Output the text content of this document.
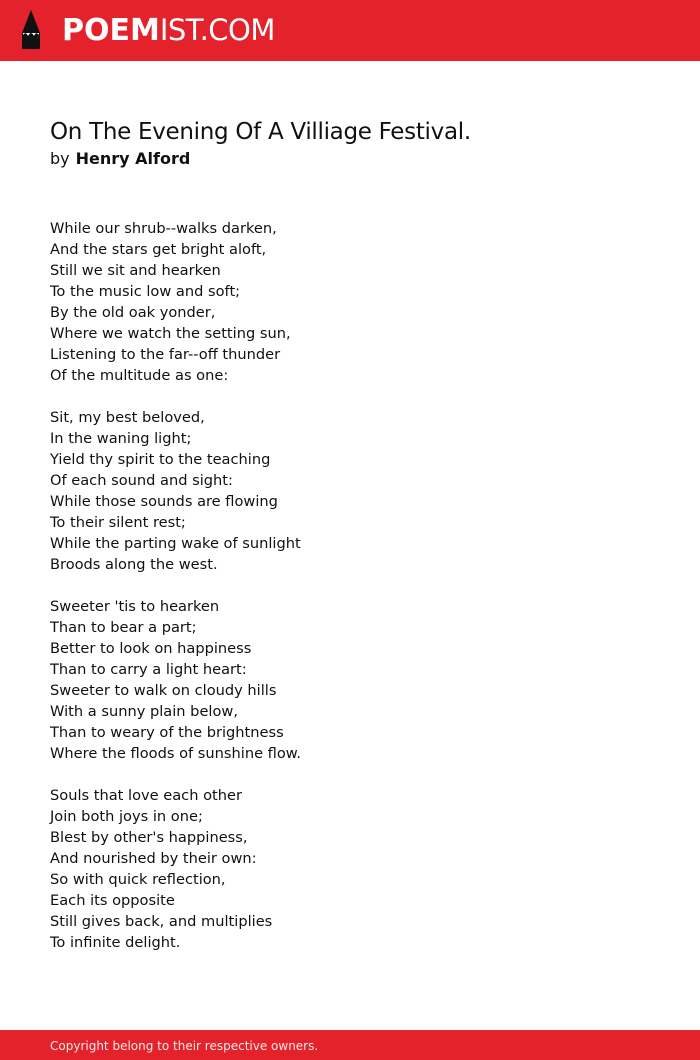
POEMIST.COM
On The Evening Of A Villiage Festival.
by Henry Alford
While our shrub--walks darken,
And the stars get bright aloft,
Still we sit and hearken
To the music low and soft;
By the old oak yonder,
Where we watch the setting sun,
Listening to the far--off thunder
Of the multitude as one:
Sit, my best beloved,
In the waning light;
Yield thy spirit to the teaching
Of each sound and sight:
While those sounds are flowing
To their silent rest;
While the parting wake of sunlight
Broods along the west.
Sweeter 'tis to hearken
Than to bear a part;
Better to look on happiness
Than to carry a light heart:
Sweeter to walk on cloudy hills
With a sunny plain below,
Than to weary of the brightness
Where the floods of sunshine flow.
Souls that love each other
Join both joys in one;
Blest by other's happiness,
And nourished by their own:
So with quick reflection,
Each its opposite
Still gives back, and multiplies
To infinite delight.
Copyright belong to their respective owners.
